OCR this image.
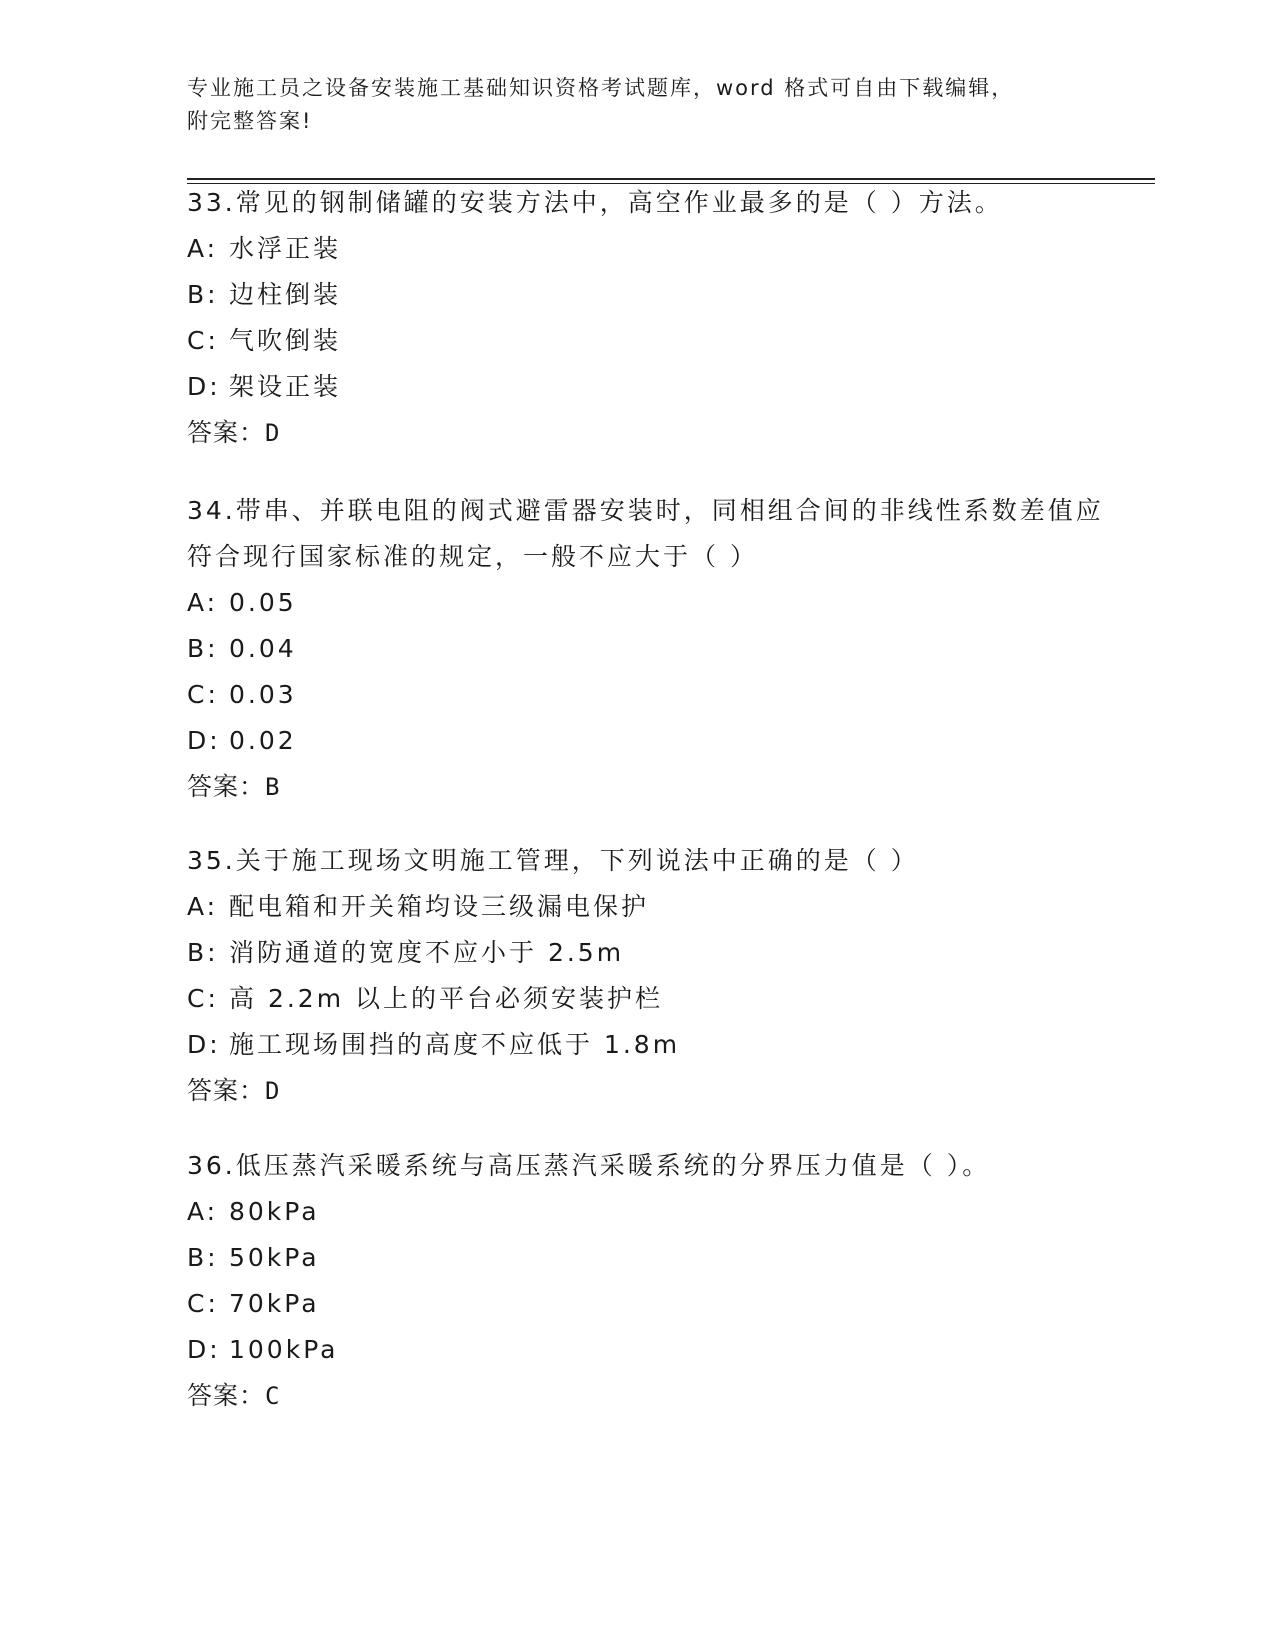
专业施工员之设备安装施工基础知识资格考试题库，word 格式可自由下载编辑，
附完整答案!
33.常见的钢制储罐的安装方法中，高空作业最多的是（ ）方法。
A: 水浮正装
B: 边柱倒装
C: 气吹倒装
D: 架设正装
答案：D
34.带串、并联电阻的阀式避雷器安装时，同相组合间的非线性系数差值应符合现行国家标准的规定，一般不应大于（ ）
A: 0.05
B: 0.04
C: 0.03
D: 0.02
答案：B
35.关于施工现场文明施工管理，下列说法中正确的是（ ）
A: 配电箱和开关箱均设三级漏电保护
B: 消防通道的宽度不应小于 2.5m
C: 高 2.2m 以上的平台必须安装护栏
D: 施工现场围挡的高度不应低于 1.8m
答案：D
36.低压蒸汽采暖系统与高压蒸汽采暖系统的分界压力值是（ ）。
A: 80kPa
B: 50kPa
C: 70kPa
D: 100kPa
答案：C
